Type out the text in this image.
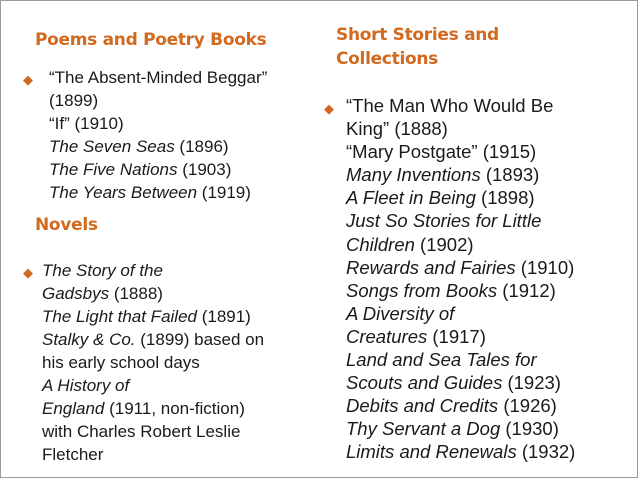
Poems and Poetry Books
◆ “The Absent-Minded Beggar”
(1899)
“If” (1910)
The Seven Seas (1896)
The Five Nations (1903)
The Years Between (1919)
Novels
◆ The Story of the
Gadsbys (1888)
The Light that Failed (1891)
Stalky & Co. (1899) based on
his early school days
A History of
England (1911, non-fiction)
with Charles Robert Leslie
Fletcher
Short Stories and
Collections
◆ “The Man Who Would Be
King” (1888)
“Mary Postgate” (1915)
Many Inventions (1893)
A Fleet in Being (1898)
Just So Stories for Little
Children (1902)
Rewards and Fairies (1910)
Songs from Books (1912)
A Diversity of
Creatures (1917)
Land and Sea Tales for
Scouts and Guides (1923)
Debits and Credits (1926)
Thy Servant a Dog (1930)
Limits and Renewals (1932)
